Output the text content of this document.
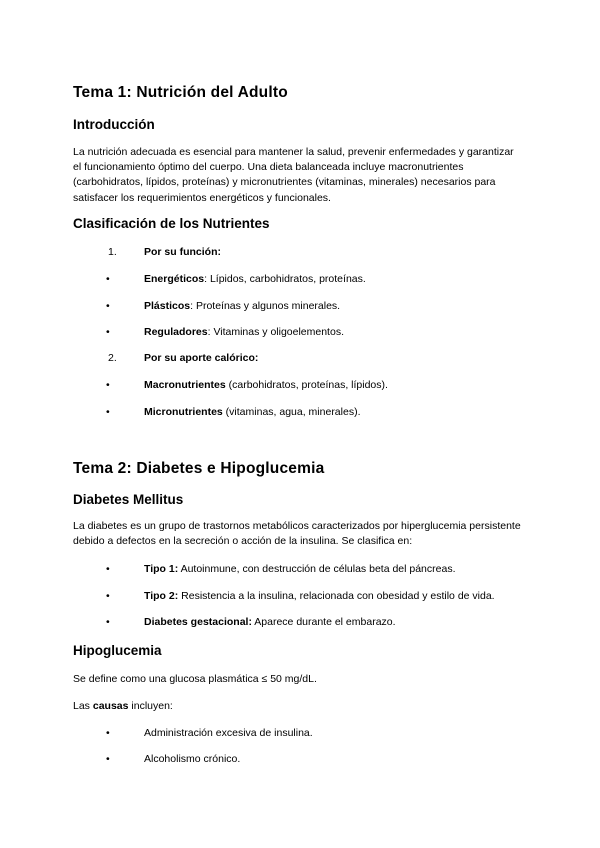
Tema 1: Nutrición del Adulto
Introducción

La nutrición adecuada es esencial para mantener la salud, prevenir enfermedades y garantizar el funcionamiento óptimo del cuerpo. Una dieta balanceada incluye macronutrientes (carbohidratos, lípidos, proteínas) y micronutrientes (vitaminas, minerales) necesarios para satisfacer los requerimientos energéticos y funcionales.

Clasificación de los Nutrientes
1.	Por su función:
•	Energéticos: Lípidos, carbohidratos, proteínas.
•	Plásticos: Proteínas y algunos minerales.
•	Reguladores: Vitaminas y oligoelementos.
2.	Por su aporte calórico:
•	Macronutrientes (carbohidratos, proteínas, lípidos).
•	Micronutrientes (vitaminas, agua, minerales).
Tema 2: Diabetes e Hipoglucemia
Diabetes Mellitus

La diabetes es un grupo de trastornos metabólicos caracterizados por hiperglucemia persistente debido a defectos en la secreción o acción de la insulina. Se clasifica en:

•	Tipo 1: Autoinmune, con destrucción de células beta del páncreas.
•	Tipo 2: Resistencia a la insulina, relacionada con obesidad y estilo de vida.
•	Diabetes gestacional: Aparece durante el embarazo.
Hipoglucemia

Se define como una glucosa plasmática ≤ 50 mg/dL.

Las causas incluyen:

•	Administración excesiva de insulina.
•	Alcoholismo crónico.
